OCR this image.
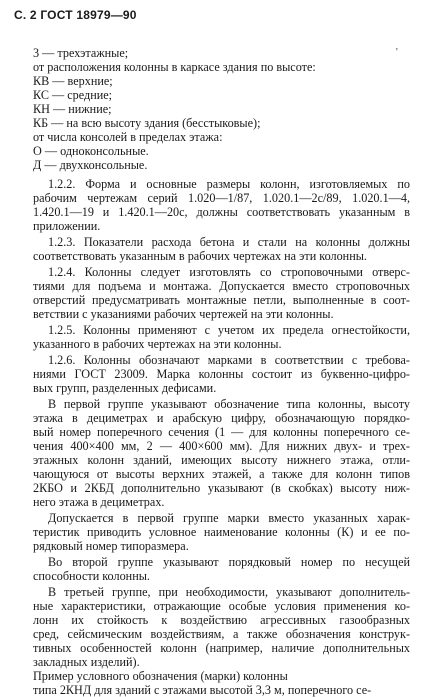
С. 2 ГОСТ 18979—90
'
3 — трехэтажные;
от расположения колонны в каркасе здания по высоте:
КВ — верхние;
КС — средние;
КН — нижние;
КБ — на всю высоту здания (бесстыковые);
от числа консолей в пределах этажа:
О — одноконсольные.
Д — двухконсольные.
1.2.2. Форма и основные размеры колонн, изготовляемых по
рабочим чертежам серий 1.020—1/87, 1.020.1—2с/89, 1.020.1—4,
1.420.1—19 и 1.420.1—20с, должны соответствовать указанным в
приложении.
1.2.3. Показатели расхода бетона и стали на колонны должны
соответствовать указанным в рабочих чертежах на эти колонны.
1.2.4. Колонны следует изготовлять со строповочными отверс-
тиями для подъема и монтажа. Допускается вместо строповочных
отверстий предусматривать монтажные петли, выполненные в соот-
ветствии с указаниями рабочих чертежей на эти колонны.
1.2.5. Колонны применяют с учетом их предела огнестойкости,
указанного в рабочих чертежах на эти колонны.
1.2.6. Колонны обозначают марками в соответствии с требова-
ниями ГОСТ 23009. Марка колонны состоит из буквенно-цифро-
вых групп, разделенных дефисами.
В первой группе указывают обозначение типа колонны, высоту
этажа в дециметрах и арабскую цифру, обозначающую порядко-
вый номер поперечного сечения (1 — для колонны поперечного се-
чения 400×400 мм, 2 — 400×600 мм). Для нижних двух- и трех-
этажных колонн зданий, имеющих высоту нижнего этажа, отли-
чающуюся от высоты верхних этажей, а также для колонн типов
2КБО и 2КБД дополнительно указывают (в скобках) высоту ниж-
него этажа в дециметрах.
Допускается в первой группе марки вместо указанных харак-
теристик приводить условное наименование колонны (К) и ее по-
рядковый номер типоразмера.
Во второй группе указывают порядковый номер по несущей
способности колонны.
В третьей группе, при необходимости, указывают дополнитель-
ные характеристики, отражающие особые условия применения ко-
лонн их стойкость к воздействию агрессивных газообразных
сред, сейсмическим воздействиям, а также обозначения конструк-
тивных особенностей колонн (например, наличие дополнительных
закладных изделий).
Пример условного обозначения (марки) колонны
типа 2КНД для зданий с этажами высотой 3,3 м, поперечного се-
